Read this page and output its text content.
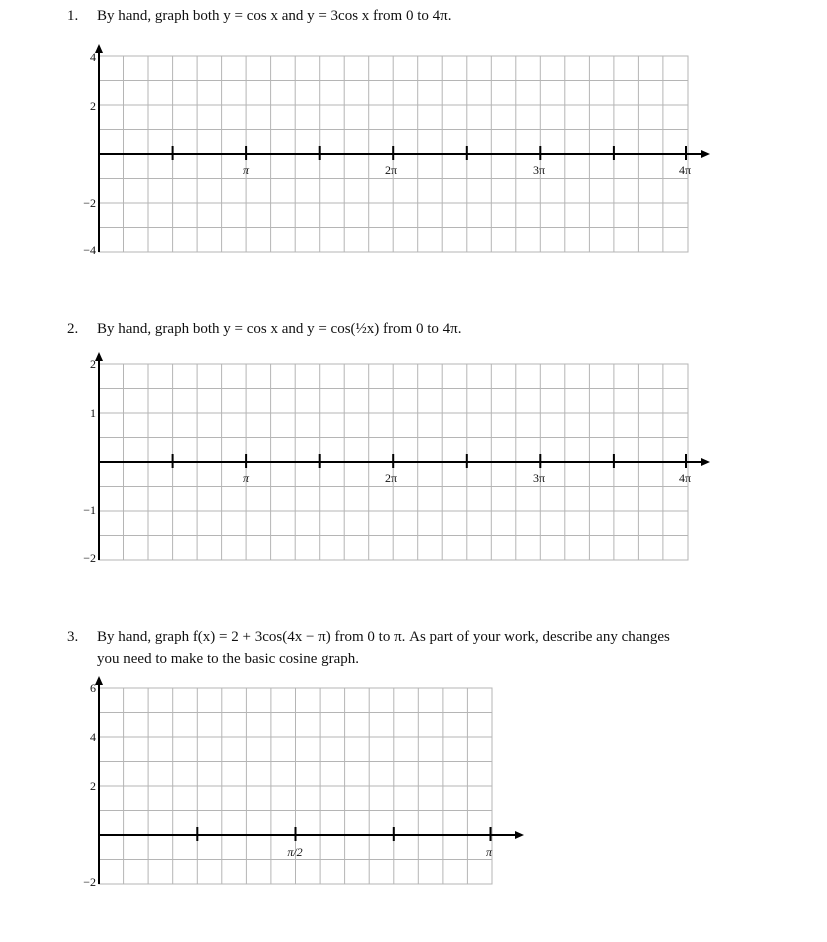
1. By hand, graph both y = cos x and y = 3cos x from 0 to 4π.
2. By hand, graph both y = cos x and y = cos(½x) from 0 to 4π.
3. By hand, graph f(x) = 2 + 3cos(4x − π) from 0 to π. As part of your work, describe any changes
you need to make to the basic cosine graph.
π	2π	3π	4π
4
2
−2
−4
π	2π	3π	4π
2
1
−1
−2
π/2	π
6
4
2
−2
